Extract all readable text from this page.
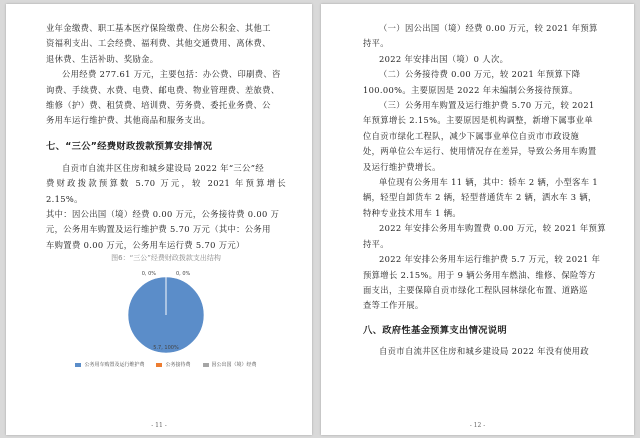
业年金缴费、职工基本医疗保险缴费、住房公积金、其他工

资福利支出、工会经费、福利费、其他交通费用、离休费、

退休费、生活补助、奖励金。

公用经费 277.61 万元，主要包括：办公费、印刷费、咨

询费、手续费、水费、电费、邮电费、物业管理费、差旅费、

维修（护）费、租赁费、培训费、劳务费、委托业务费、公

务用车运行维护费、其他商品和服务支出。

七、“三公”经费财政拨款预算安排情况

自贡市自流井区住房和城乡建设局 2022 年“三公”经

费财政拨款预算数 5.70 万元，较 2021 年预算增长 2.15%。

其中：因公出国（境）经费 0.00 万元，公务接待费 0.00 万

元，公务用车购置及运行维护费 5.70 万元（其中：公务用

车购置费 0.00 万元，公务用车运行费 5.70 万元）

图6：“三公”经费财政拨款支出结构

5.7, 100%
0, 0%	0, 0%
公务用车购置及运行维护费	公务接待费	因公出国（境）经费
- 11 -

（一）因公出国（境）经费 0.00 万元，较 2021 年预算

持平。

2022 年安排出国（境）0 人次。

（二）公务接待费 0.00 万元，较 2021 年预算下降

100.00%。主要原因是 2022 年未编制公务接待预算。

（三）公务用车购置及运行维护费 5.70 万元，较 2021

年预算增长 2.15%。主要原因是机构调整，新增下属事业单

位自贡市绿化工程队，减少下属事业单位自贡市市政设施

处，两单位公车运行、使用情况存在差异，导致公务用车购置

及运行维护费增长。

单位现有公务用车 11 辆，其中：轿车 2 辆，小型客车 1

辆，轻型自卸货车 2 辆，轻型普通货车 2 辆，洒水车 3 辆，

特种专业技术用车 1 辆。

2022 年安排公务用车购置费 0.00 万元，较 2021 年预算

持平。

2022 年安排公务用车运行维护费 5.7 万元，较 2021 年

预算增长 2.15%。用于 9 辆公务用车燃油、维修、保险等方

面支出，主要保障自贡市绿化工程队园林绿化布置、道路巡

查等工作开展。

八、政府性基金预算支出情况说明

自贡市自流井区住房和城乡建设局 2022 年没有使用政

- 12 -
